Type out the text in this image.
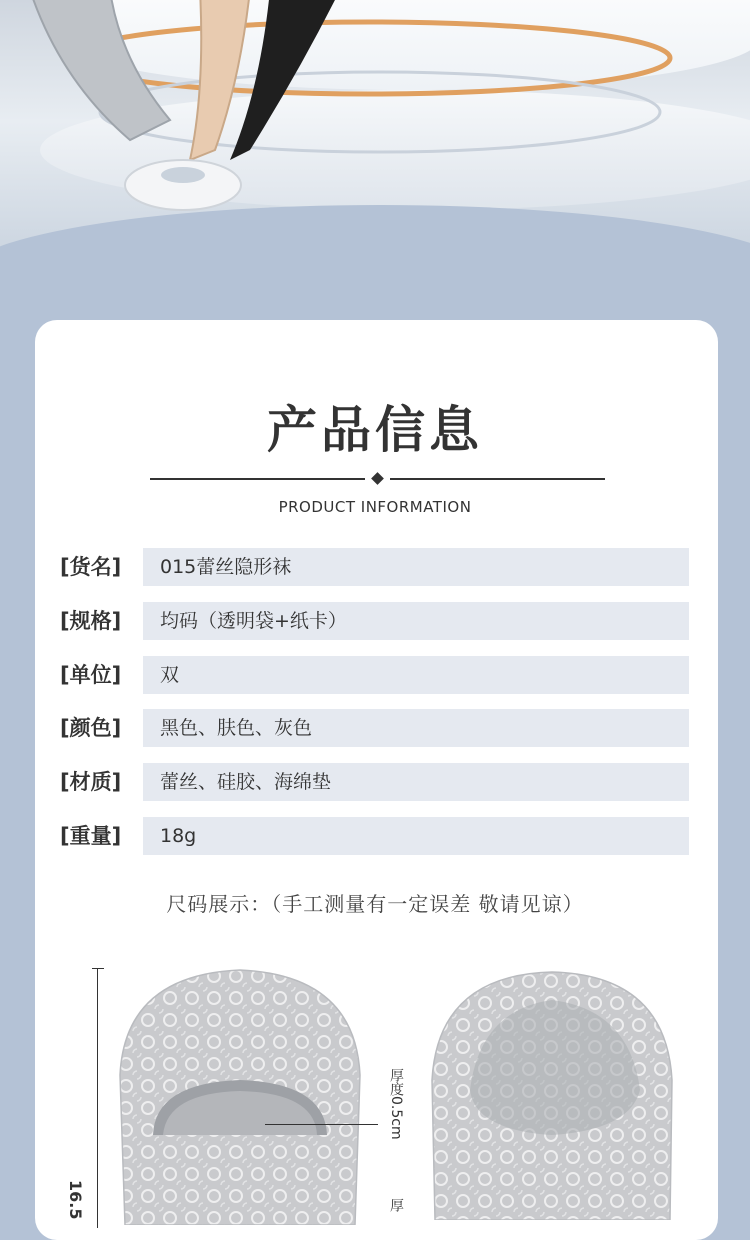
产品信息
PRODUCT INFORMATION
[货名] 015蕾丝隐形袜
[规格] 均码（透明袋+纸卡）
[单位] 双
[颜色] 黑色、肤色、灰色
[材质] 蕾丝、硅胶、海绵垫
[重量] 18g
尺码展示：（手工测量有一定误差 敬请见谅）
16.5
厚度0.5cm
厚
